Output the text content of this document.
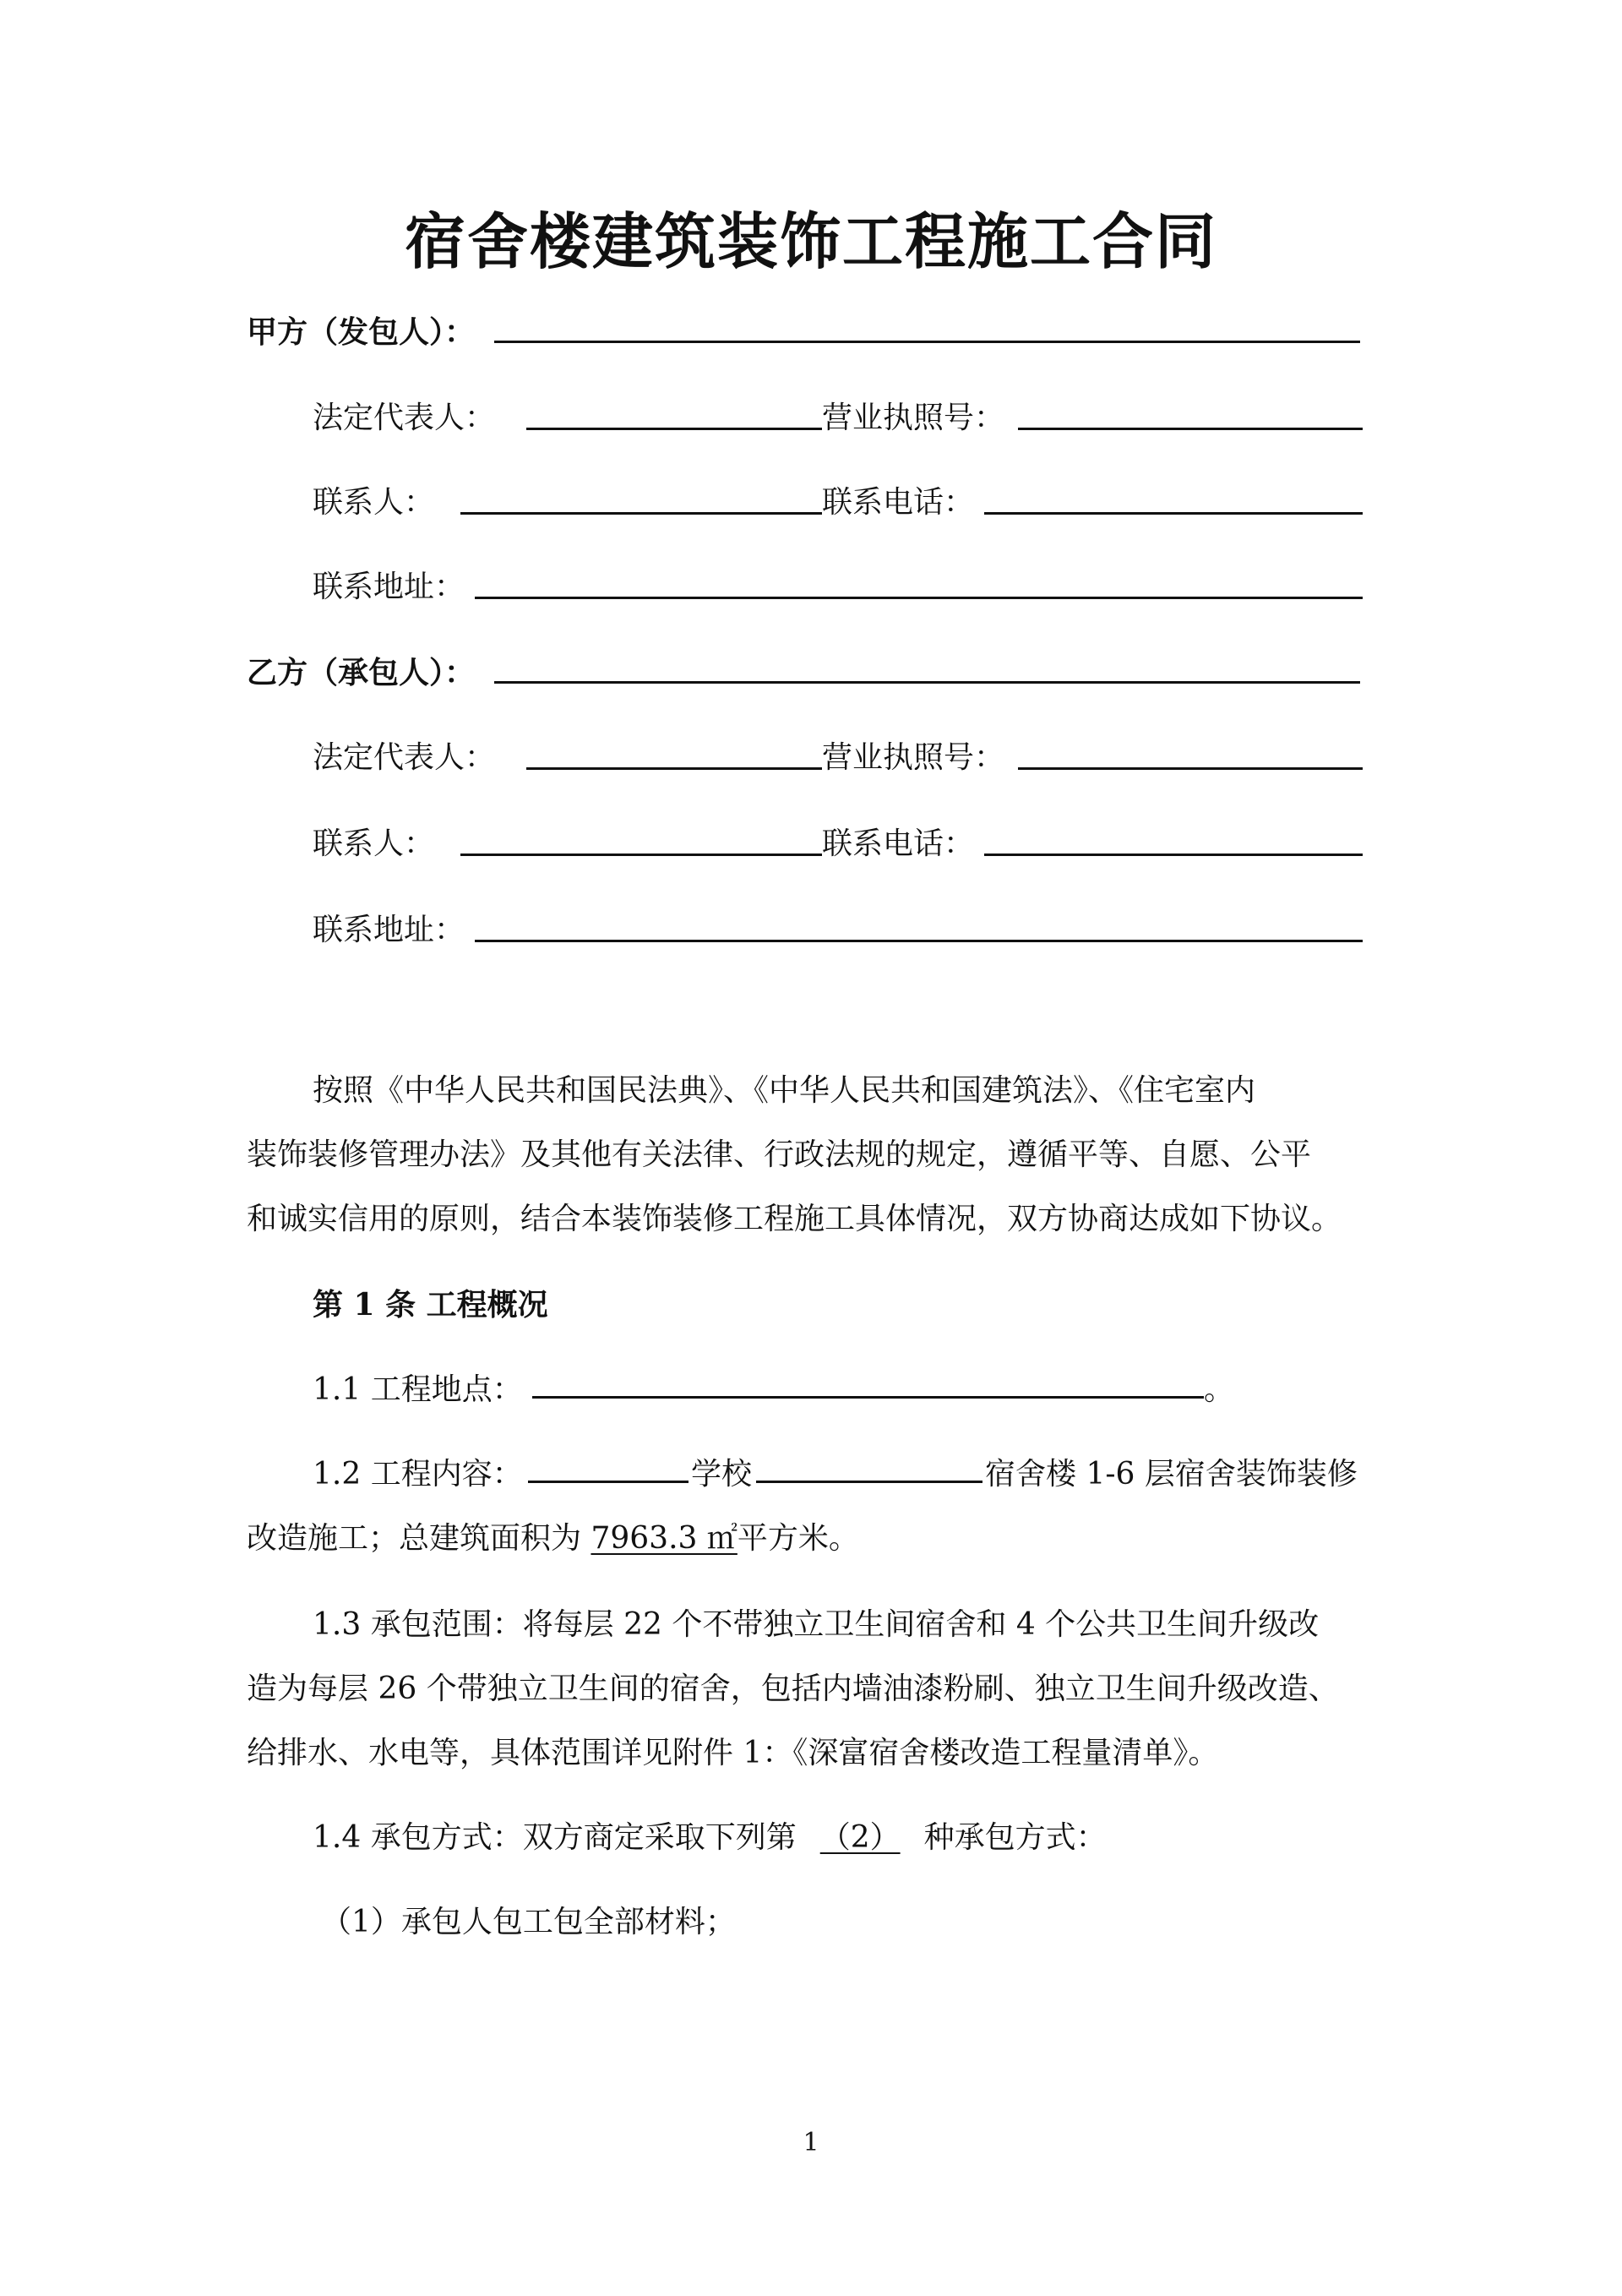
宿舍楼建筑装饰工程施工合同
甲方（发包人）：
法定代表人：	营业执照号：
联系人：	联系电话：
联系地址：
乙方（承包人）：
法定代表人：	营业执照号：
联系人：	联系电话：
联系地址：
按照《中华人民共和国民法典》、《中华人民共和国建筑法》、《住宅室内
装饰装修管理办法》及其他有关法律、行政法规的规定，遵循平等、自愿、公平
和诚实信用的原则，结合本装饰装修工程施工具体情况，双方协商达成如下协议。
第 1 条 工程概况
1.1 工程地点：	。
1.2 工程内容：	学校	宿舍楼 1-6 层宿舍装饰装修
改造施工；总建筑面积为 7963.3 ㎡平方米。
1.3 承包范围：将每层 22 个不带独立卫生间宿舍和 4 个公共卫生间升级改
造为每层 26 个带独立卫生间的宿舍，包括内墙油漆粉刷、独立卫生间升级改造、
给排水、水电等，具体范围详见附件 1：《深富宿舍楼改造工程量清单》。
1.4 承包方式：双方商定采取下列第 （2） 种承包方式：
（1）承包人包工包全部材料；
1
